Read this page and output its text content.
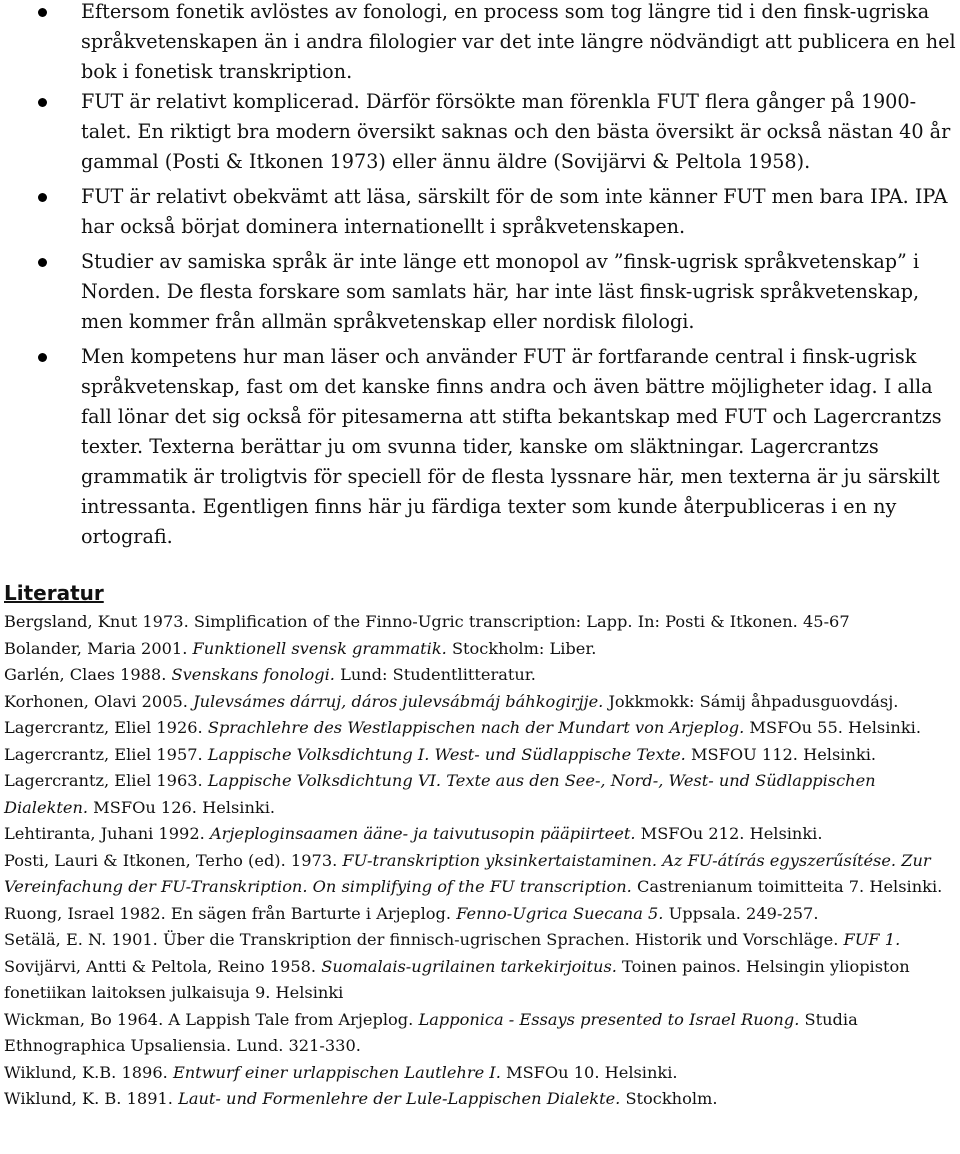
Eftersom fonetik avlöstes av fonologi, en process som tog längre tid i den finsk-ugriska språkvetenskapen än i andra filologier var det inte längre nödvändigt att publicera en hel bok i fonetisk transkription.
FUT är relativt komplicerad. Därför försökte man förenkla FUT flera gånger på 1900-talet. En riktigt bra modern översikt saknas och den bästa översikt är också nästan 40 år gammal (Posti & Itkonen 1973) eller ännu äldre (Sovijärvi & Peltola 1958).
FUT är relativt obekvämt att läsa, särskilt för de som inte känner FUT men bara IPA. IPA har också börjat dominera internationellt i språkvetenskapen.
Studier av samiska språk är inte länge ett monopol av ”finsk-ugrisk språkvetenskap” i Norden. De flesta forskare som samlats här, har inte läst finsk-ugrisk språkvetenskap, men kommer från allmän språkvetenskap eller nordisk filologi.
Men kompetens hur man läser och använder FUT är fortfarande central i finsk-ugrisk språkvetenskap, fast om det kanske finns andra och även bättre möjligheter idag. I alla fall lönar det sig också för pitesamerna att stifta bekantskap med FUT och Lagercrantzs texter. Texterna berättar ju om svunna tider, kanske om släktningar. Lagercrantzs grammatik är troligtvis för speciell för de flesta lyssnare här, men texterna är ju särskilt intressanta. Egentligen finns här ju färdiga texter som kunde återpubliceras i en ny ortografi.
Literatur

Bergsland, Knut 1973. Simplification of the Finno-Ugric transcription: Lapp. In: Posti & Itkonen. 45-67

Bolander, Maria 2001. Funktionell svensk grammatik. Stockholm: Liber.

Garlén, Claes 1988. Svenskans fonologi. Lund: Studentlitteratur.

Korhonen, Olavi 2005. Julevsámes dárruj, dáros julevsábmáj báhkogirjje. Jokkmokk: Sámij åhpadusguovdásj.

Lagercrantz, Eliel 1926. Sprachlehre des Westlappischen nach der Mundart von Arjeplog. MSFOu 55. Helsinki.

Lagercrantz, Eliel 1957. Lappische Volksdichtung I. West- und Südlappische Texte. MSFOU 112. Helsinki.

Lagercrantz, Eliel 1963. Lappische Volksdichtung VI. Texte aus den See-, Nord-, West- und Südlappischen Dialekten. MSFOu 126. Helsinki.

Lehtiranta, Juhani 1992. Arjeploginsaamen ääne- ja taivutusopin pääpiirteet. MSFOu 212. Helsinki.

Posti, Lauri & Itkonen, Terho (ed). 1973. FU-transkription yksinkertaistaminen. Az FU-átírás egyszerűsítése. Zur Vereinfachung der FU-Transkription. On simplifying of the FU transcription. Castrenianum toimitteita 7. Helsinki.

Ruong, Israel 1982. En sägen från Barturte i Arjeplog. Fenno-Ugrica Suecana 5. Uppsala. 249-257.

Setälä, E. N. 1901. Über die Transkription der finnisch-ugrischen Sprachen. Historik und Vorschläge. FUF 1.

Sovijärvi, Antti & Peltola, Reino 1958. Suomalais-ugrilainen tarkekirjoitus. Toinen painos. Helsingin yliopiston fonetiikan laitoksen julkaisuja 9. Helsinki

Wickman, Bo 1964. A Lappish Tale from Arjeplog. Lapponica - Essays presented to Israel Ruong. Studia Ethnographica Upsaliensia. Lund. 321-330.

Wiklund, K.B. 1896. Entwurf einer urlappischen Lautlehre I. MSFOu 10. Helsinki.

Wiklund, K. B. 1891. Laut- und Formenlehre der Lule-Lappischen Dialekte. Stockholm.
